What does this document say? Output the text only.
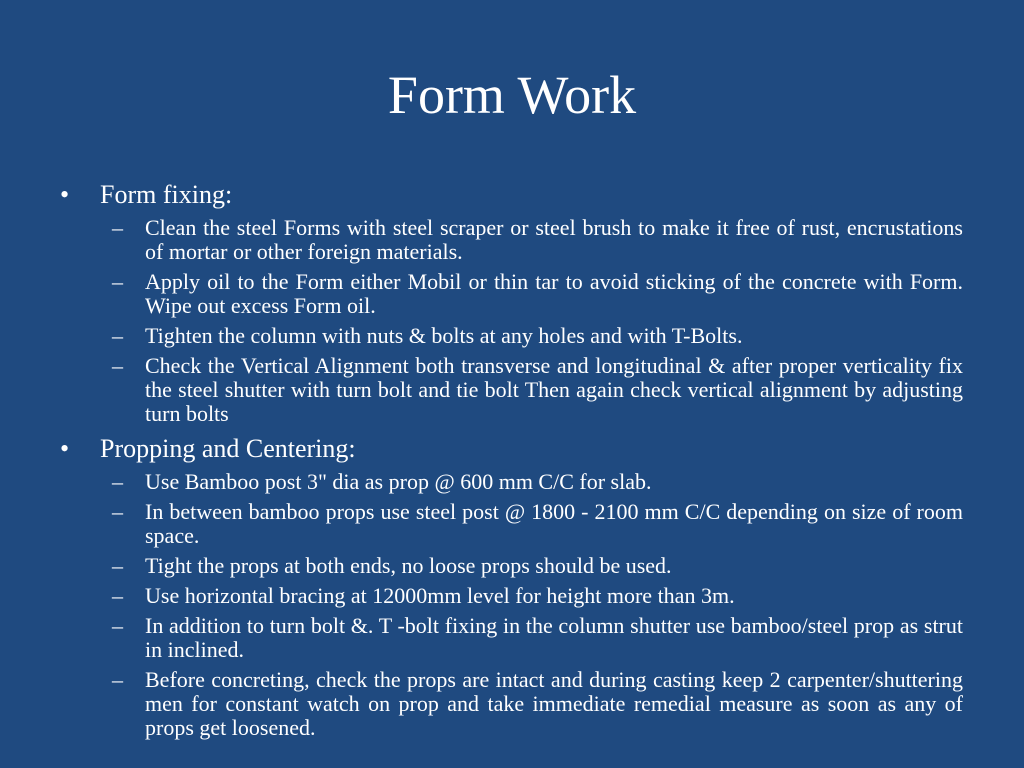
Form Work
•	Form fixing:
–	Clean the steel Forms with steel scraper or steel brush to make it free of rust, encrustations of mortar or other foreign materials.
–	Apply oil to the Form either Mobil or thin tar to avoid sticking of the concrete with Form. Wipe out excess Form oil.
–	Tighten the column with nuts & bolts at any holes and with T-Bolts.
–	Check the Vertical Alignment both transverse and longitudinal & after proper verticality fix the steel shutter with turn bolt and tie bolt Then again check vertical alignment by adjusting turn bolts
•	Propping and Centering:
–	Use Bamboo post 3" dia as prop @ 600 mm C/C for slab.
–	In between bamboo props use steel post @ 1800 - 2100 mm C/C depending on size of room space.
–	Tight the props at both ends, no loose props should be used.
–	Use horizontal bracing at 12000mm level for height more than 3m.
–	In addition to turn bolt &. T -bolt fixing in the column shutter use bamboo/steel prop as strut in inclined.
–	Before concreting, check the props are intact and during casting keep 2 carpenter/shuttering men for constant watch on prop and take immediate remedial measure as soon as any of props get loosened.
